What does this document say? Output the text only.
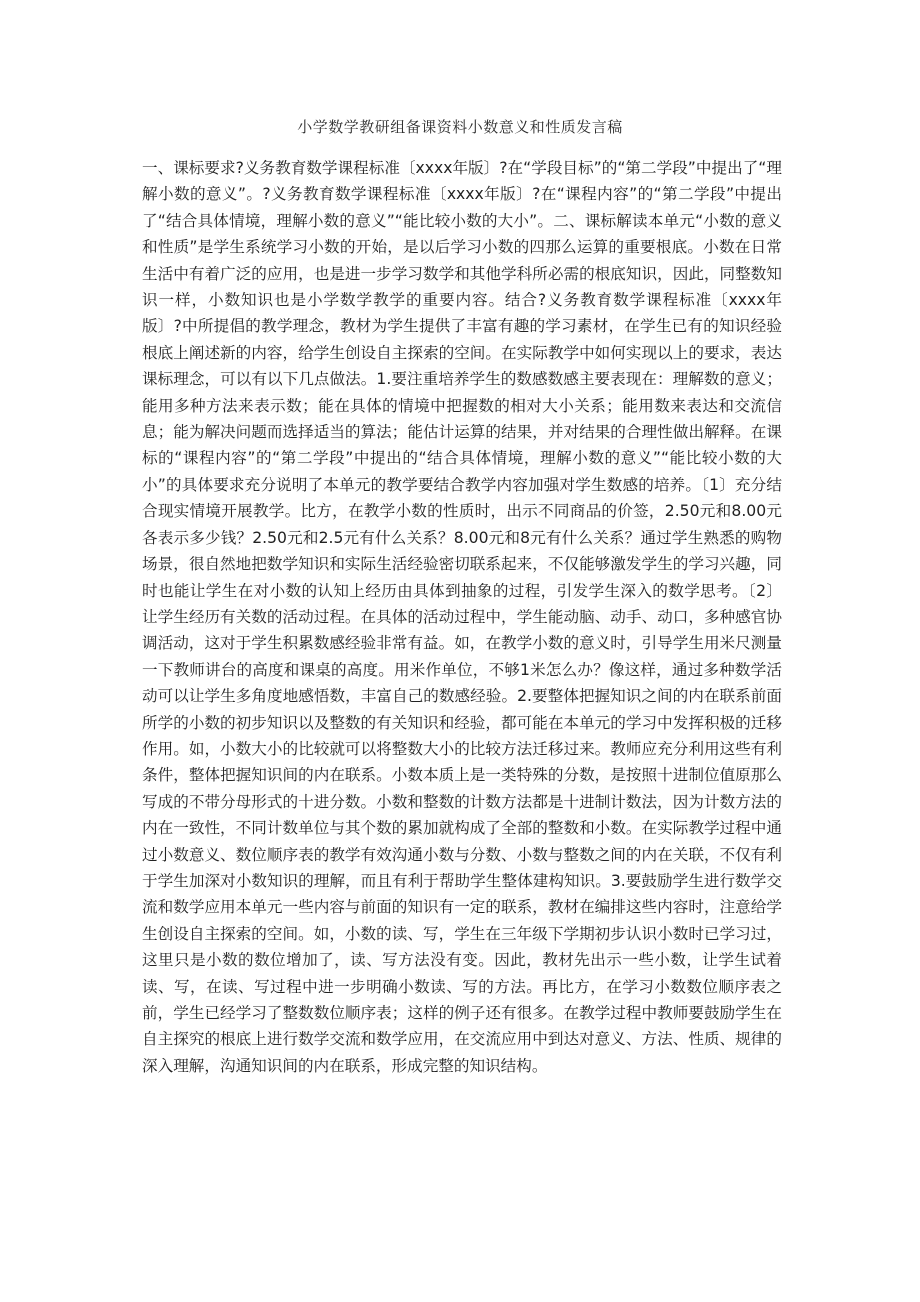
小学数学教研组备课资料小数意义和性质发言稿

一、课标要求?义务教育数学课程标准〔xxxx年版〕?在“学段目标”的“第二学段”中提出了“理解小数的意义”。?义务教育数学课程标准〔xxxx年版〕?在“课程内容”的“第二学段”中提出了“结合具体情境，理解小数的意义”“能比较小数的大小”。二、课标解读本单元“小数的意义和性质”是学生系统学习小数的开始，是以后学习小数的四那么运算的重要根底。小数在日常生活中有着广泛的应用，也是进一步学习数学和其他学科所必需的根底知识，因此，同整数知识一样，小数知识也是小学数学教学的重要内容。结合?义务教育数学课程标准〔xxxx年版〕?中所提倡的教学理念，教材为学生提供了丰富有趣的学习素材，在学生已有的知识经验根底上阐述新的内容，给学生创设自主探索的空间。在实际教学中如何实现以上的要求，表达课标理念，可以有以下几点做法。1.要注重培养学生的数感数感主要表现在：理解数的意义；能用多种方法来表示数；能在具体的情境中把握数的相对大小关系；能用数来表达和交流信息；能为解决问题而选择适当的算法；能估计运算的结果，并对结果的合理性做出解释。在课标的“课程内容”的“第二学段”中提出的“结合具体情境，理解小数的意义”“能比较小数的大小”的具体要求充分说明了本单元的教学要结合教学内容加强对学生数感的培养。〔1〕充分结合现实情境开展教学。比方，在教学小数的性质时，出示不同商品的价签，2.50元和8.00元各表示多少钱？2.50元和2.5元有什么关系？8.00元和8元有什么关系？通过学生熟悉的购物场景，很自然地把数学知识和实际生活经验密切联系起来，不仅能够激发学生的学习兴趣，同时也能让学生在对小数的认知上经历由具体到抽象的过程，引发学生深入的数学思考。〔2〕让学生经历有关数的活动过程。在具体的活动过程中，学生能动脑、动手、动口，多种感官协调活动，这对于学生积累数感经验非常有益。如，在教学小数的意义时，引导学生用米尺测量一下教师讲台的高度和课桌的高度。用米作单位，不够1米怎么办？像这样，通过多种数学活动可以让学生多角度地感悟数，丰富自己的数感经验。2.要整体把握知识之间的内在联系前面所学的小数的初步知识以及整数的有关知识和经验，都可能在本单元的学习中发挥积极的迁移作用。如，小数大小的比较就可以将整数大小的比较方法迁移过来。教师应充分利用这些有利条件，整体把握知识间的内在联系。小数本质上是一类特殊的分数，是按照十进制位值原那么写成的不带分母形式的十进分数。小数和整数的计数方法都是十进制计数法，因为计数方法的内在一致性，不同计数单位与其个数的累加就构成了全部的整数和小数。在实际教学过程中通过小数意义、数位顺序表的教学有效沟通小数与分数、小数与整数之间的内在关联，不仅有利于学生加深对小数知识的理解，而且有利于帮助学生整体建构知识。3.要鼓励学生进行数学交流和数学应用本单元一些内容与前面的知识有一定的联系，教材在编排这些内容时，注意给学生创设自主探索的空间。如，小数的读、写，学生在三年级下学期初步认识小数时已学习过，这里只是小数的数位增加了，读、写方法没有变。因此，教材先出示一些小数，让学生试着读、写，在读、写过程中进一步明确小数读、写的方法。再比方，在学习小数数位顺序表之前，学生已经学习了整数数位顺序表；这样的例子还有很多。在教学过程中教师要鼓励学生在自主探究的根底上进行数学交流和数学应用，在交流应用中到达对意义、方法、性质、规律的深入理解，沟通知识间的内在联系，形成完整的知识结构。
